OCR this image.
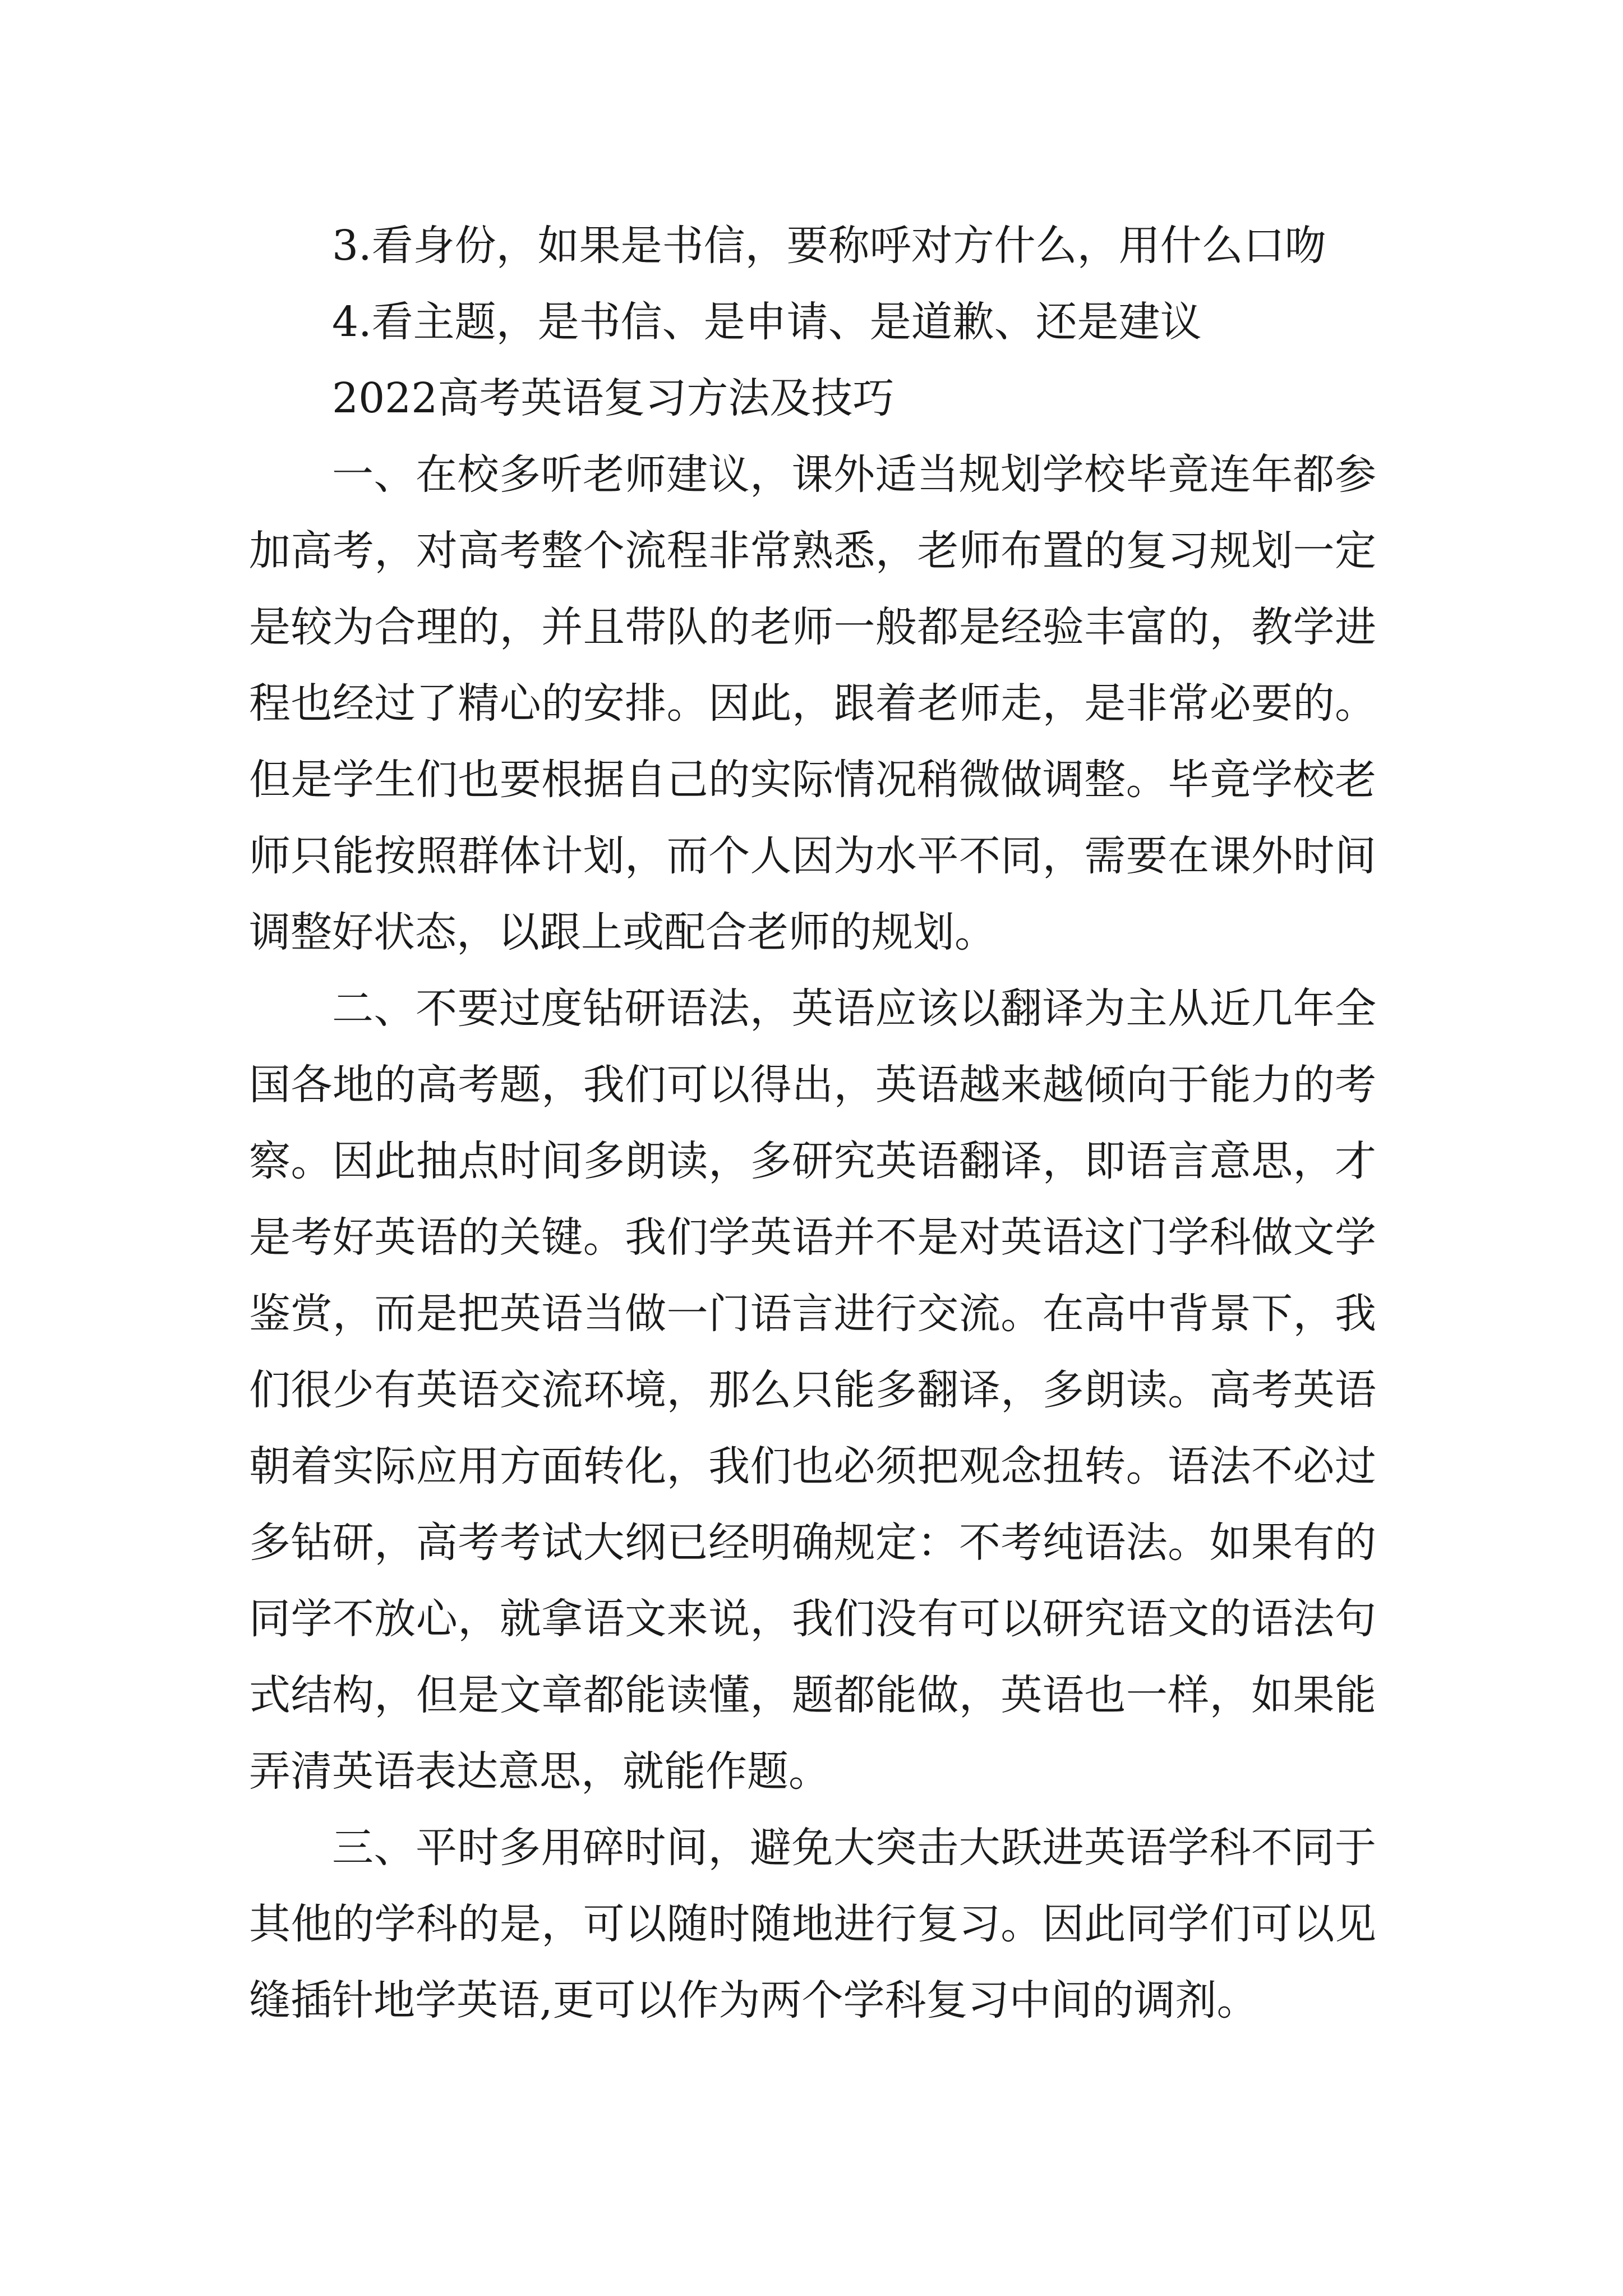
3.看身份，如果是书信，要称呼对方什么，用什么口吻

4.看主题，是书信、是申请、是道歉、还是建议

2022高考英语复习方法及技巧

一、在校多听老师建议，课外适当规划学校毕竟连年都参加高考，对高考整个流程非常熟悉，老师布置的复习规划一定是较为合理的，并且带队的老师一般都是经验丰富的，教学进程也经过了精心的安排。因此，跟着老师走，是非常必要的。但是学生们也要根据自己的实际情况稍微做调整。毕竟学校老师只能按照群体计划，而个人因为水平不同，需要在课外时间调整好状态，以跟上或配合老师的规划。

二、不要过度钻研语法，英语应该以翻译为主从近几年全国各地的高考题，我们可以得出，英语越来越倾向于能力的考察。因此抽点时间多朗读，多研究英语翻译，即语言意思，才是考好英语的关键。我们学英语并不是对英语这门学科做文学鉴赏，而是把英语当做一门语言进行交流。在高中背景下，我们很少有英语交流环境，那么只能多翻译，多朗读。高考英语朝着实际应用方面转化，我们也必须把观念扭转。语法不必过多钻研，高考考试大纲已经明确规定：不考纯语法。如果有的同学不放心，就拿语文来说，我们没有可以研究语文的语法句式结构，但是文章都能读懂，题都能做，英语也一样，如果能弄清英语表达意思，就能作题。

三、平时多用碎时间，避免大突击大跃进英语学科不同于其他的学科的是，可以随时随地进行复习。因此同学们可以见缝插针地学英语,更可以作为两个学科复习中间的调剂。
